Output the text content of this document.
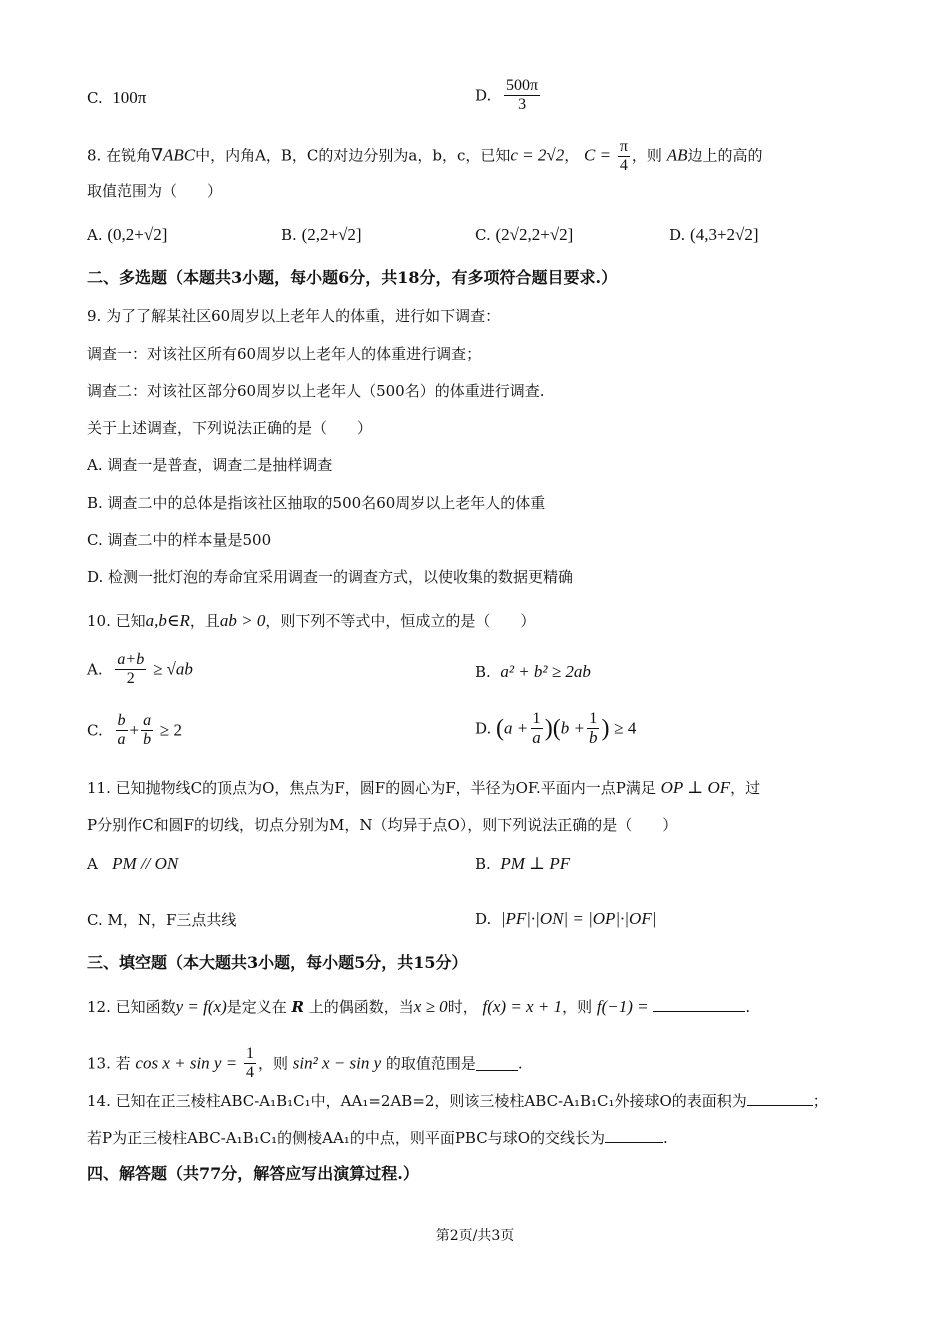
C. 100π	D. $\frac{500\pi}{3}$
8. 在锐角∇ABC中，内角A，B，C的对边分别为a，b，c，已知c = 2√2， $C = \frac{\pi}{4}$ ，则 AB边上的高的
取值范围为（　　）
A. (0,2+√2]	B. (2,2+√2]	C. (2√2,2+√2]	D. (4,3+2√2]
二、多选题（本题共3小题，每小题6分，共18分，有多项符合题目要求.）
9. 为了了解某社区60周岁以上老年人的体重，进行如下调查：
调查一：对该社区所有60周岁以上老年人的体重进行调查；
调查二：对该社区部分60周岁以上老年人（500名）的体重进行调查.
关于上述调查，下列说法正确的是（　　）
A. 调查一是普查，调查二是抽样调查
B. 调查二中的总体是指该社区抽取的500名60周岁以上老年人的体重
C. 调查二中的样本量是500
D. 检测一批灯泡的寿命宜采用调查一的调查方式，以使收集的数据更精确
10. 已知a,b∈R，且ab > 0，则下列不等式中，恒成立的是（　　）
A. $\frac{a+b}{2} \ge √ab$	B. a² + b² ≥ 2ab
C. $\frac{b}{a} + \frac{a}{b} \ge 2$	D. $(a + \frac{1}{a} )(b + \frac{1}{b}$ ) ≥ 4
11. 已知抛物线C的顶点为O，焦点为F，圆F的圆心为F，半径为OF.平面内一点P满足 OP ⊥ OF，过
P分别作C和圆F的切线，切点分别为M，N（均异于点O），则下列说法正确的是（　　）
A PM // ON	B. PM ⊥ PF
C. M，N，F三点共线	D. |PF|·|ON| = |OP|·|OF|
三、填空题（本大题共3小题，每小题5分，共15分）
12. 已知函数y = f(x)是定义在 R 上的偶函数，当x ≥ 0时， f(x) = x + 1，则 f(−1) =	.
13. 若 $\cos x + \sin y = \frac{1}{4}$ ，则 sin² x − sin y 的取值范围是	.
14. 已知在正三棱柱ABC-A₁B₁C₁中，AA₁=2AB=2，则该三棱柱ABC-A₁B₁C₁外接球O的表面积为	；
若P为正三棱柱ABC-A₁B₁C₁的侧棱AA₁的中点，则平面PBC与球O的交线长为	.
四、解答题（共77分，解答应写出演算过程.）
第2页/共3页
